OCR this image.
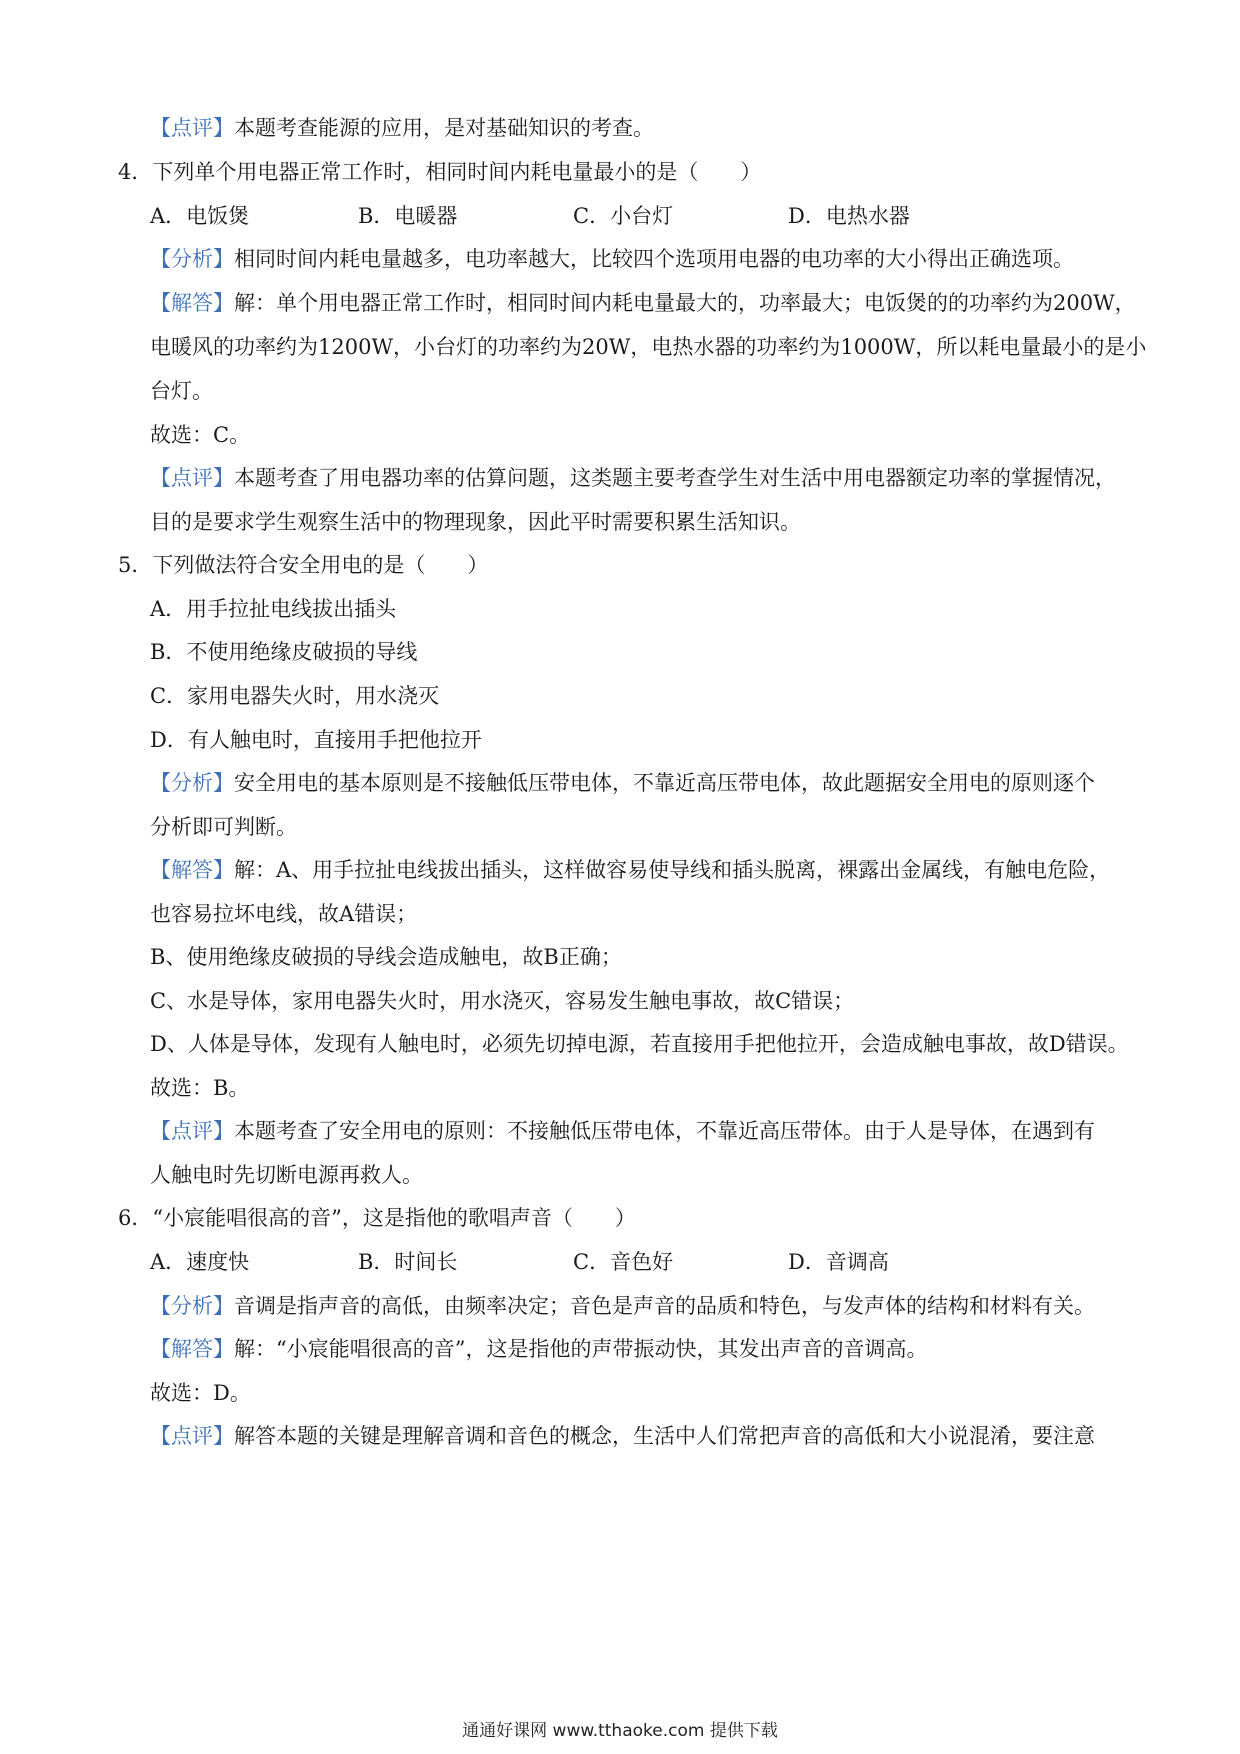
【点评】本题考查能源的应用，是对基础知识的考查。
4．下列单个用电器正常工作时，相同时间内耗电量最小的是（　　）
A．电饭煲	B．电暖器	C．小台灯	D．电热水器
【分析】相同时间内耗电量越多，电功率越大，比较四个选项用电器的电功率的大小得出正确选项。
【解答】解：单个用电器正常工作时，相同时间内耗电量最大的，功率最大；电饭煲的的功率约为200W，
电暖风的功率约为1200W，小台灯的功率约为20W，电热水器的功率约为1000W，所以耗电量最小的是小
台灯。
故选：C。
【点评】本题考查了用电器功率的估算问题，这类题主要考查学生对生活中用电器额定功率的掌握情况，
目的是要求学生观察生活中的物理现象，因此平时需要积累生活知识。
5．下列做法符合安全用电的是（　　）
A．用手拉扯电线拔出插头
B．不使用绝缘皮破损的导线
C．家用电器失火时，用水浇灭
D．有人触电时，直接用手把他拉开
【分析】安全用电的基本原则是不接触低压带电体，不靠近高压带电体，故此题据安全用电的原则逐个
分析即可判断。
【解答】解：A、用手拉扯电线拔出插头，这样做容易使导线和插头脱离，裸露出金属线，有触电危险，
也容易拉坏电线，故A错误；
B、使用绝缘皮破损的导线会造成触电，故B正确；
C、水是导体，家用电器失火时，用水浇灭，容易发生触电事故，故C错误；
D、人体是导体，发现有人触电时，必须先切掉电源，若直接用手把他拉开，会造成触电事故，故D错误。
故选：B。
【点评】本题考查了安全用电的原则：不接触低压带电体，不靠近高压带体。由于人是导体，在遇到有
人触电时先切断电源再救人。
6．“小宸能唱很高的音”，这是指他的歌唱声音（　　）
A．速度快	B．时间长	C．音色好	D．音调高
【分析】音调是指声音的高低，由频率决定；音色是声音的品质和特色，与发声体的结构和材料有关。
【解答】解：“小宸能唱很高的音”，这是指他的声带振动快，其发出声音的音调高。
故选：D。
【点评】解答本题的关键是理解音调和音色的概念，生活中人们常把声音的高低和大小说混淆，要注意
通通好课网 www.tthaoke.com 提供下载
